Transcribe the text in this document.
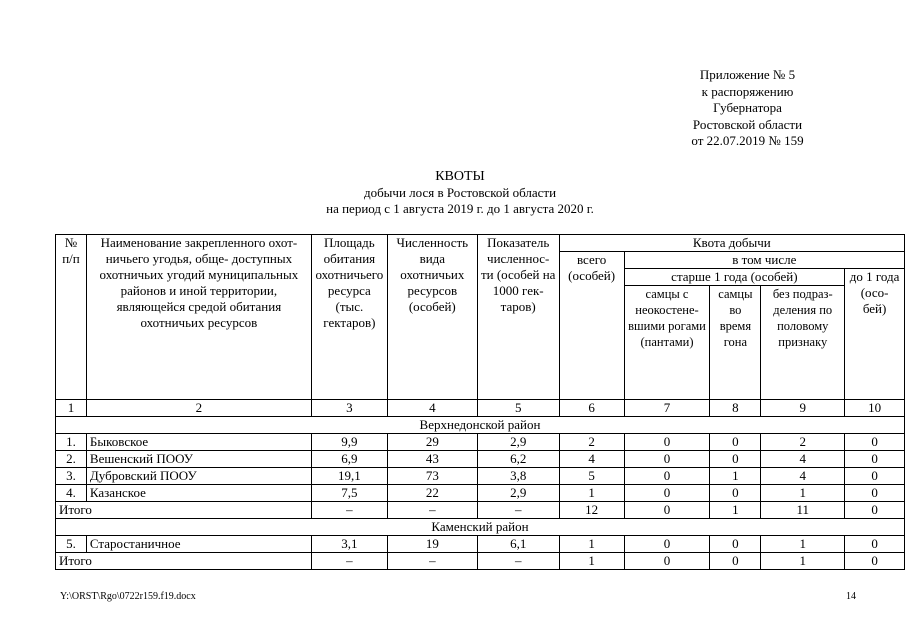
Приложение № 5
к распоряжению
Губернатора
Ростовской области
от 22.07.2019 № 159
КВОТЫ
добычи лося в Ростовской области
на период с 1 августа 2019 г. до 1 августа 2020 г.
№ п/п	Наименование закрепленного охот- ничьего угодья, обще- доступных охотничьих угодий муниципальных районов и иной территории, являющейся средой обитания охотничьих ресурсов	Площадь обитания охотничьего ресурса (тыс. гектаров)	Численность вида охотничьих ресурсов (особей)	Показатель численнос- ти (особей на 1000 гек- таров)	Квота добычи				
					всего (особей)	в том числе			
						старше 1 года (особей)			до 1 года (осо- бей)
						самцы с неокостене- вшими рогами (пантами)	самцы во время гона	без подраз- деления по половому признаку	
1	2	3	4	5	6	7	8	9	10
Верхнедонской район									
1.	Быковское	9,9	29	2,9	2	0	0	2	0
2.	Вешенский ПООУ	6,9	43	6,2	4	0	0	4	0
3.	Дубровский ПООУ	19,1	73	3,8	5	0	1	4	0
4.	Казанское	7,5	22	2,9	1	0	0	1	0
Итого		–	–	–	12	0	1	11	0
Каменский район									
5.	Старостаничное	3,1	19	6,1	1	0	0	1	0
Итого		–	–	–	1	0	0	1	0
Y:\ORST\Rgo\0722r159.f19.docx	14
